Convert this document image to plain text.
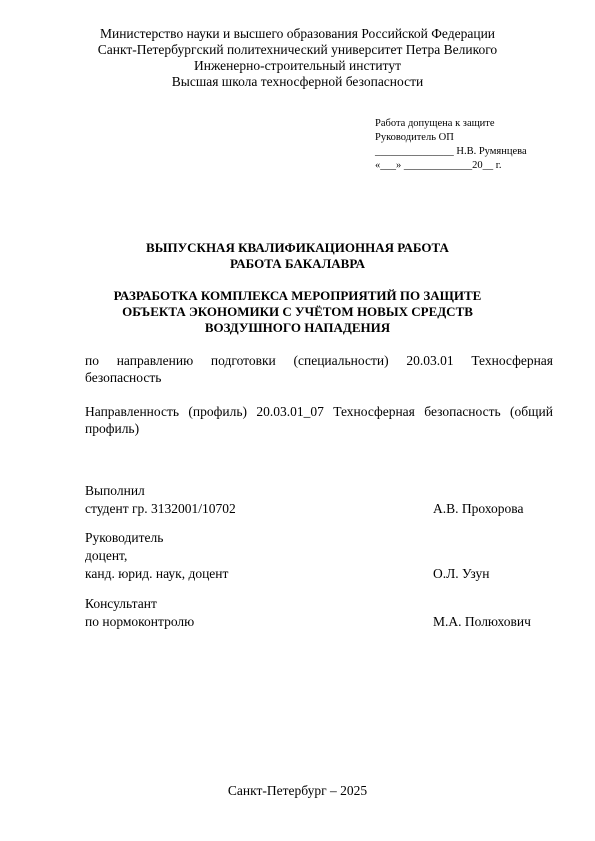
Министерство науки и высшего образования Российской Федерации
Санкт-Петербургский политехнический университет Петра Великого
Инженерно-строительный институт
Высшая школа техносферной безопасности
Работа допущена к защите
Руководитель ОП
_______________ Н.В. Румянцева
«___» _____________20__ г.
ВЫПУСКНАЯ КВАЛИФИКАЦИОННАЯ РАБОТА
РАБОТА БАКАЛАВРА
РАЗРАБОТКА КОМПЛЕКСА МЕРОПРИЯТИЙ ПО ЗАЩИТЕ
ОБЪЕКТА ЭКОНОМИКИ С УЧЁТОМ НОВЫХ СРЕДСТВ
ВОЗДУШНОГО НАПАДЕНИЯ
по направлению подготовки (специальности) 20.03.01 Техносферная безопасность
Направленность (профиль) 20.03.01_07 Техносферная безопасность (общий профиль)
Выполнил
студент гр. 3132001/10702	А.В. Прохорова
Руководитель
доцент,
канд. юрид. наук, доцент	О.Л. Узун
Консультант
по нормоконтролю	М.А. Полюхович
Санкт-Петербург – 2025
